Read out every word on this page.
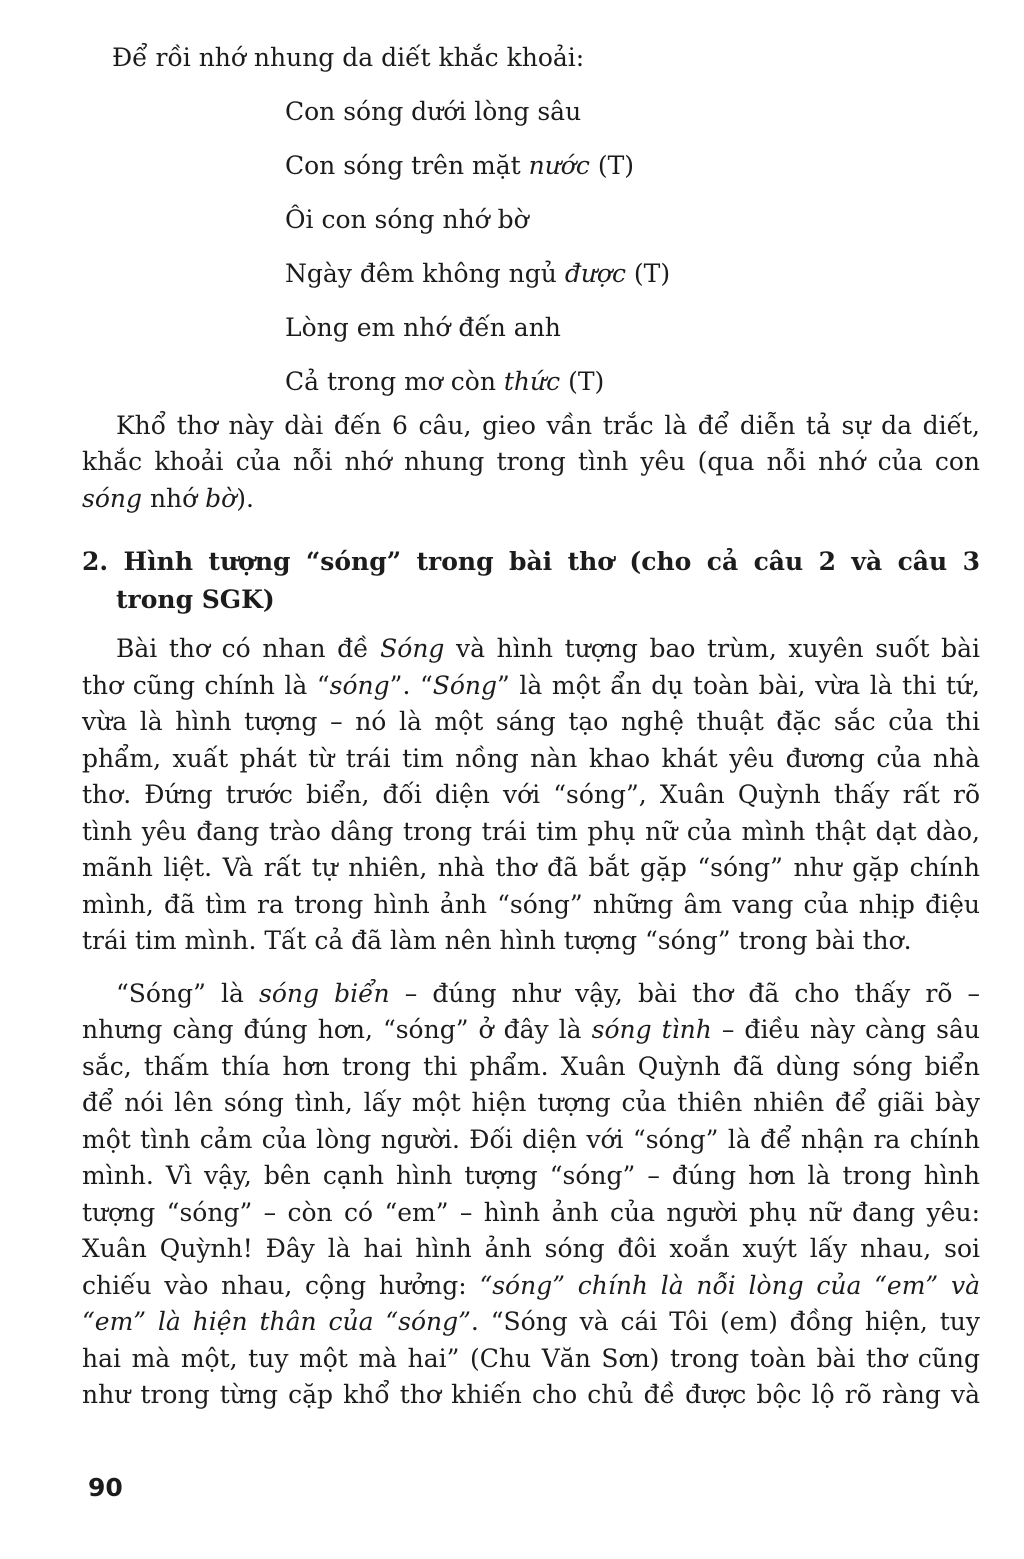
Để rồi nhớ nhung da diết khắc khoải:
Con sóng dưới lòng sâu
Con sóng trên mặt nước (T)
Ôi con sóng nhớ bờ
Ngày đêm không ngủ được (T)
Lòng em nhớ đến anh
Cả trong mơ còn thức (T)
Khổ thơ này dài đến 6 câu, gieo vần trắc là để diễn tả sự da diết,
khắc khoải của nỗi nhớ nhung trong tình yêu (qua nỗi nhớ của con
sóng nhớ bờ).
2. Hình tượng “sóng” trong bài thơ (cho cả câu 2 và câu 3
trong SGK)
Bài thơ có nhan đề Sóng và hình tượng bao trùm, xuyên suốt bài
thơ cũng chính là “sóng”. “Sóng” là một ẩn dụ toàn bài, vừa là thi tứ,
vừa là hình tượng – nó là một sáng tạo nghệ thuật đặc sắc của thi
phẩm, xuất phát từ trái tim nồng nàn khao khát yêu đương của nhà
thơ. Đứng trước biển, đối diện với “sóng”, Xuân Quỳnh thấy rất rõ
tình yêu đang trào dâng trong trái tim phụ nữ của mình thật dạt dào,
mãnh liệt. Và rất tự nhiên, nhà thơ đã bắt gặp “sóng” như gặp chính
mình, đã tìm ra trong hình ảnh “sóng” những âm vang của nhịp điệu
trái tim mình. Tất cả đã làm nên hình tượng “sóng” trong bài thơ.
“Sóng” là sóng biển – đúng như vậy, bài thơ đã cho thấy rõ –
nhưng càng đúng hơn, “sóng” ở đây là sóng tình – điều này càng sâu
sắc, thấm thía hơn trong thi phẩm. Xuân Quỳnh đã dùng sóng biển
để nói lên sóng tình, lấy một hiện tượng của thiên nhiên để giãi bày
một tình cảm của lòng người. Đối diện với “sóng” là để nhận ra chính
mình. Vì vậy, bên cạnh hình tượng “sóng” – đúng hơn là trong hình
tượng “sóng” – còn có “em” – hình ảnh của người phụ nữ đang yêu:
Xuân Quỳnh! Đây là hai hình ảnh sóng đôi xoắn xuýt lấy nhau, soi
chiếu vào nhau, cộng hưởng: “sóng” chính là nỗi lòng của “em” và
“em” là hiện thân của “sóng”. “Sóng và cái Tôi (em) đồng hiện, tuy
hai mà một, tuy một mà hai” (Chu Văn Sơn) trong toàn bài thơ cũng
như trong từng cặp khổ thơ khiến cho chủ đề được bộc lộ rõ ràng và
90
